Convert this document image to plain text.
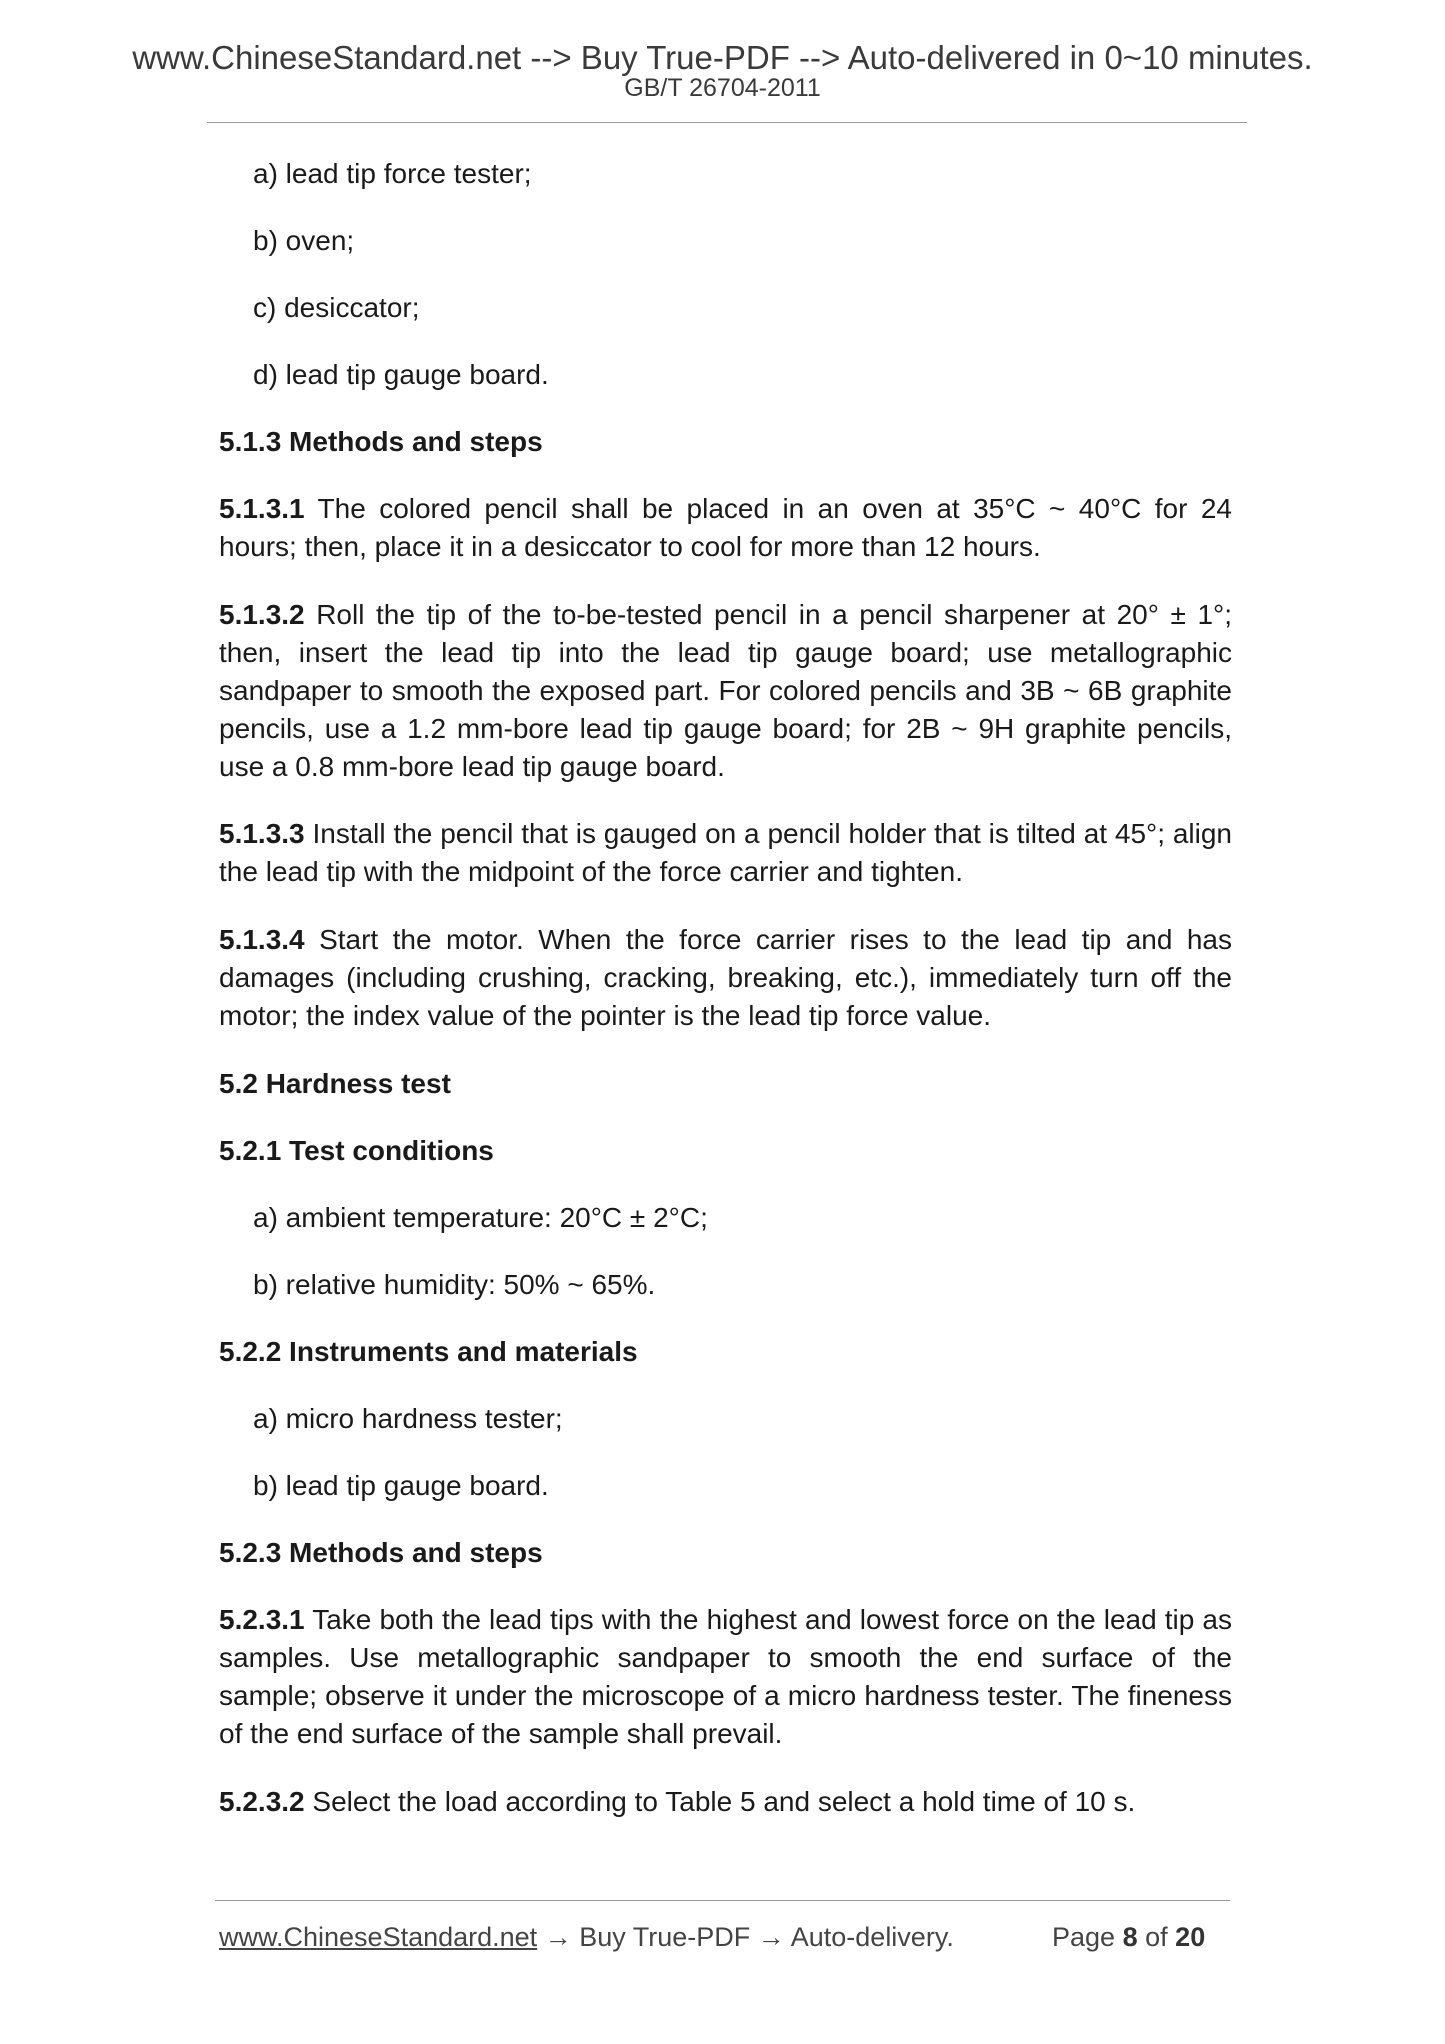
www.ChineseStandard.net --> Buy True-PDF --> Auto-delivered in 0~10 minutes.
GB/T 26704-2011
a) lead tip force tester;
b) oven;
c) desiccator;
d) lead tip gauge board.
5.1.3 Methods and steps
5.1.3.1 The colored pencil shall be placed in an oven at 35°C ~ 40°C for 24 hours; then, place it in a desiccator to cool for more than 12 hours.
5.1.3.2 Roll the tip of the to-be-tested pencil in a pencil sharpener at 20° ± 1°; then, insert the lead tip into the lead tip gauge board; use metallographic sandpaper to smooth the exposed part. For colored pencils and 3B ~ 6B graphite pencils, use a 1.2 mm-bore lead tip gauge board; for 2B ~ 9H graphite pencils, use a 0.8 mm-bore lead tip gauge board.
5.1.3.3 Install the pencil that is gauged on a pencil holder that is tilted at 45°; align the lead tip with the midpoint of the force carrier and tighten.
5.1.3.4 Start the motor. When the force carrier rises to the lead tip and has damages (including crushing, cracking, breaking, etc.), immediately turn off the motor; the index value of the pointer is the lead tip force value.
5.2 Hardness test
5.2.1 Test conditions
a) ambient temperature: 20°C ± 2°C;
b) relative humidity: 50% ~ 65%.
5.2.2 Instruments and materials
a) micro hardness tester;
b) lead tip gauge board.
5.2.3 Methods and steps
5.2.3.1 Take both the lead tips with the highest and lowest force on the lead tip as samples. Use metallographic sandpaper to smooth the end surface of the sample; observe it under the microscope of a micro hardness tester. The fineness of the end surface of the sample shall prevail.
5.2.3.2 Select the load according to Table 5 and select a hold time of 10 s.
www.ChineseStandard.net → Buy True-PDF → Auto-delivery.	Page 8 of 20
